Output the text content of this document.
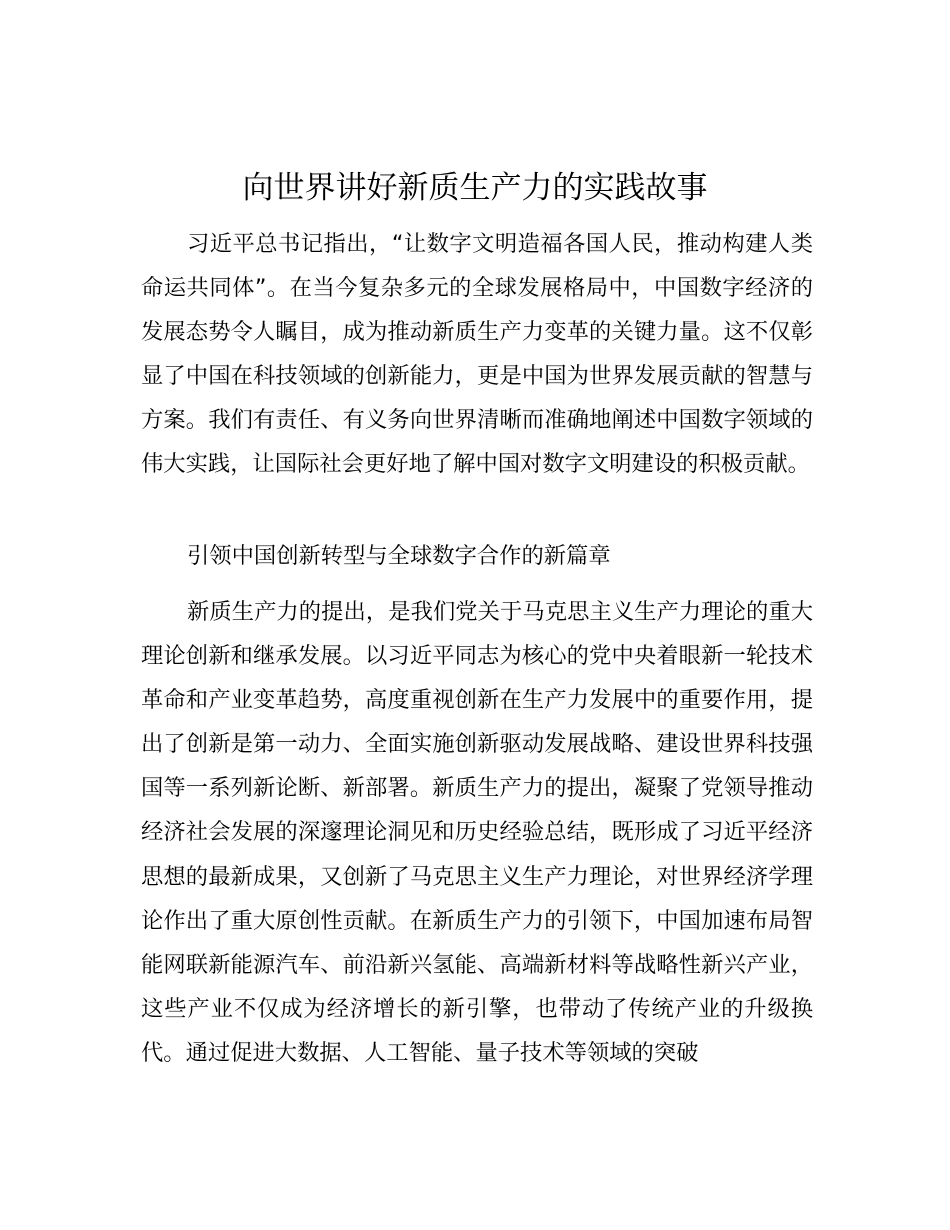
向世界讲好新质生产力的实践故事

习近平总书记指出，“让数字文明造福各国人民，推动构建人类命运共同体”。在当今复杂多元的全球发展格局中，中国数字经济的发展态势令人瞩目，成为推动新质生产力变革的关键力量。这不仅彰显了中国在科技领域的创新能力，更是中国为世界发展贡献的智慧与方案。我们有责任、有义务向世界清晰而准确地阐述中国数字领域的伟大实践，让国际社会更好地了解中国对数字文明建设的积极贡献。

引领中国创新转型与全球数字合作的新篇章

新质生产力的提出，是我们党关于马克思主义生产力理论的重大理论创新和继承发展。以习近平同志为核心的党中央着眼新一轮技术革命和产业变革趋势，高度重视创新在生产力发展中的重要作用，提出了创新是第一动力、全面实施创新驱动发展战略、建设世界科技强国等一系列新论断、新部署。新质生产力的提出，凝聚了党领导推动经济社会发展的深邃理论洞见和历史经验总结，既形成了习近平经济思想的最新成果，又创新了马克思主义生产力理论，对世界经济学理论作出了重大原创性贡献。在新质生产力的引领下，中国加速布局智能网联新能源汽车、前沿新兴氢能、高端新材料等战略性新兴产业，这些产业不仅成为经济增长的新引擎，也带动了传统产业的升级换代。通过促进大数据、人工智能、量子技术等领域的突破
